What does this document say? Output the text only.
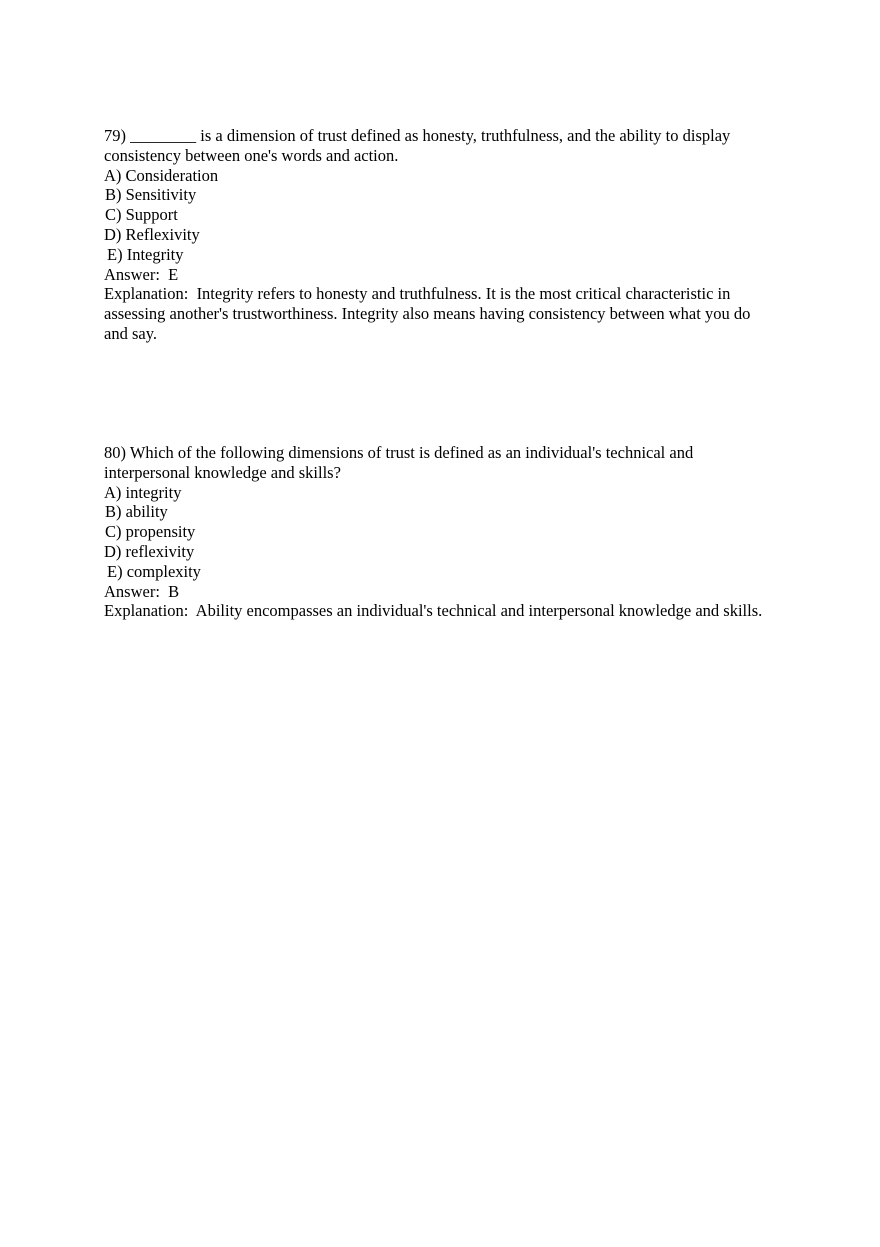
79) ________ is a dimension of trust defined as honesty, truthfulness, and the ability to display consistency between one's words and action.
A) Consideration
B) Sensitivity
C) Support
D) Reflexivity
E) Integrity
Answer:  E
Explanation:  Integrity refers to honesty and truthfulness. It is the most critical characteristic in assessing another's trustworthiness. Integrity also means having consistency between what you do and say.
80) Which of the following dimensions of trust is defined as an individual's technical and interpersonal knowledge and skills?
A) integrity
B) ability
C) propensity
D) reflexivity
E) complexity
Answer:  B
Explanation:  Ability encompasses an individual's technical and interpersonal knowledge and skills.
